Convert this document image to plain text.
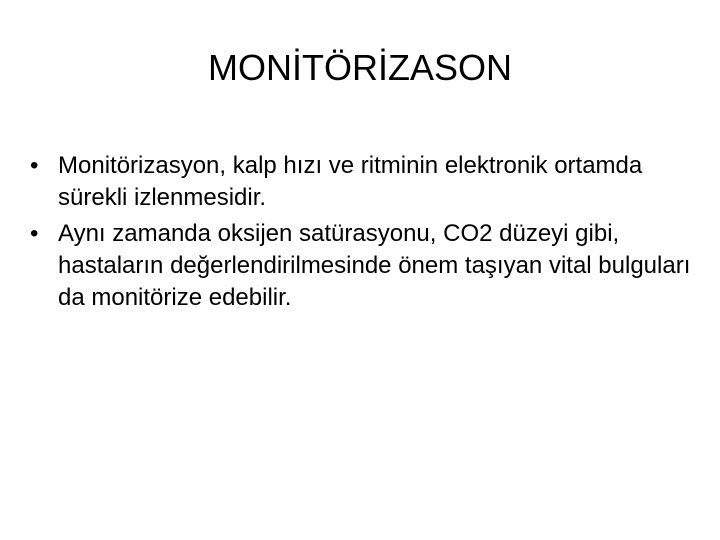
MONİTÖRİZASON
• Monitörizasyon, kalp hızı ve ritminin elektronik ortamda sürekli izlenmesidir.
• Aynı zamanda oksijen satürasyonu, CO2 düzeyi gibi, hastaların değerlendirilmesinde önem taşıyan vital bulguları da monitörize edebilir.
